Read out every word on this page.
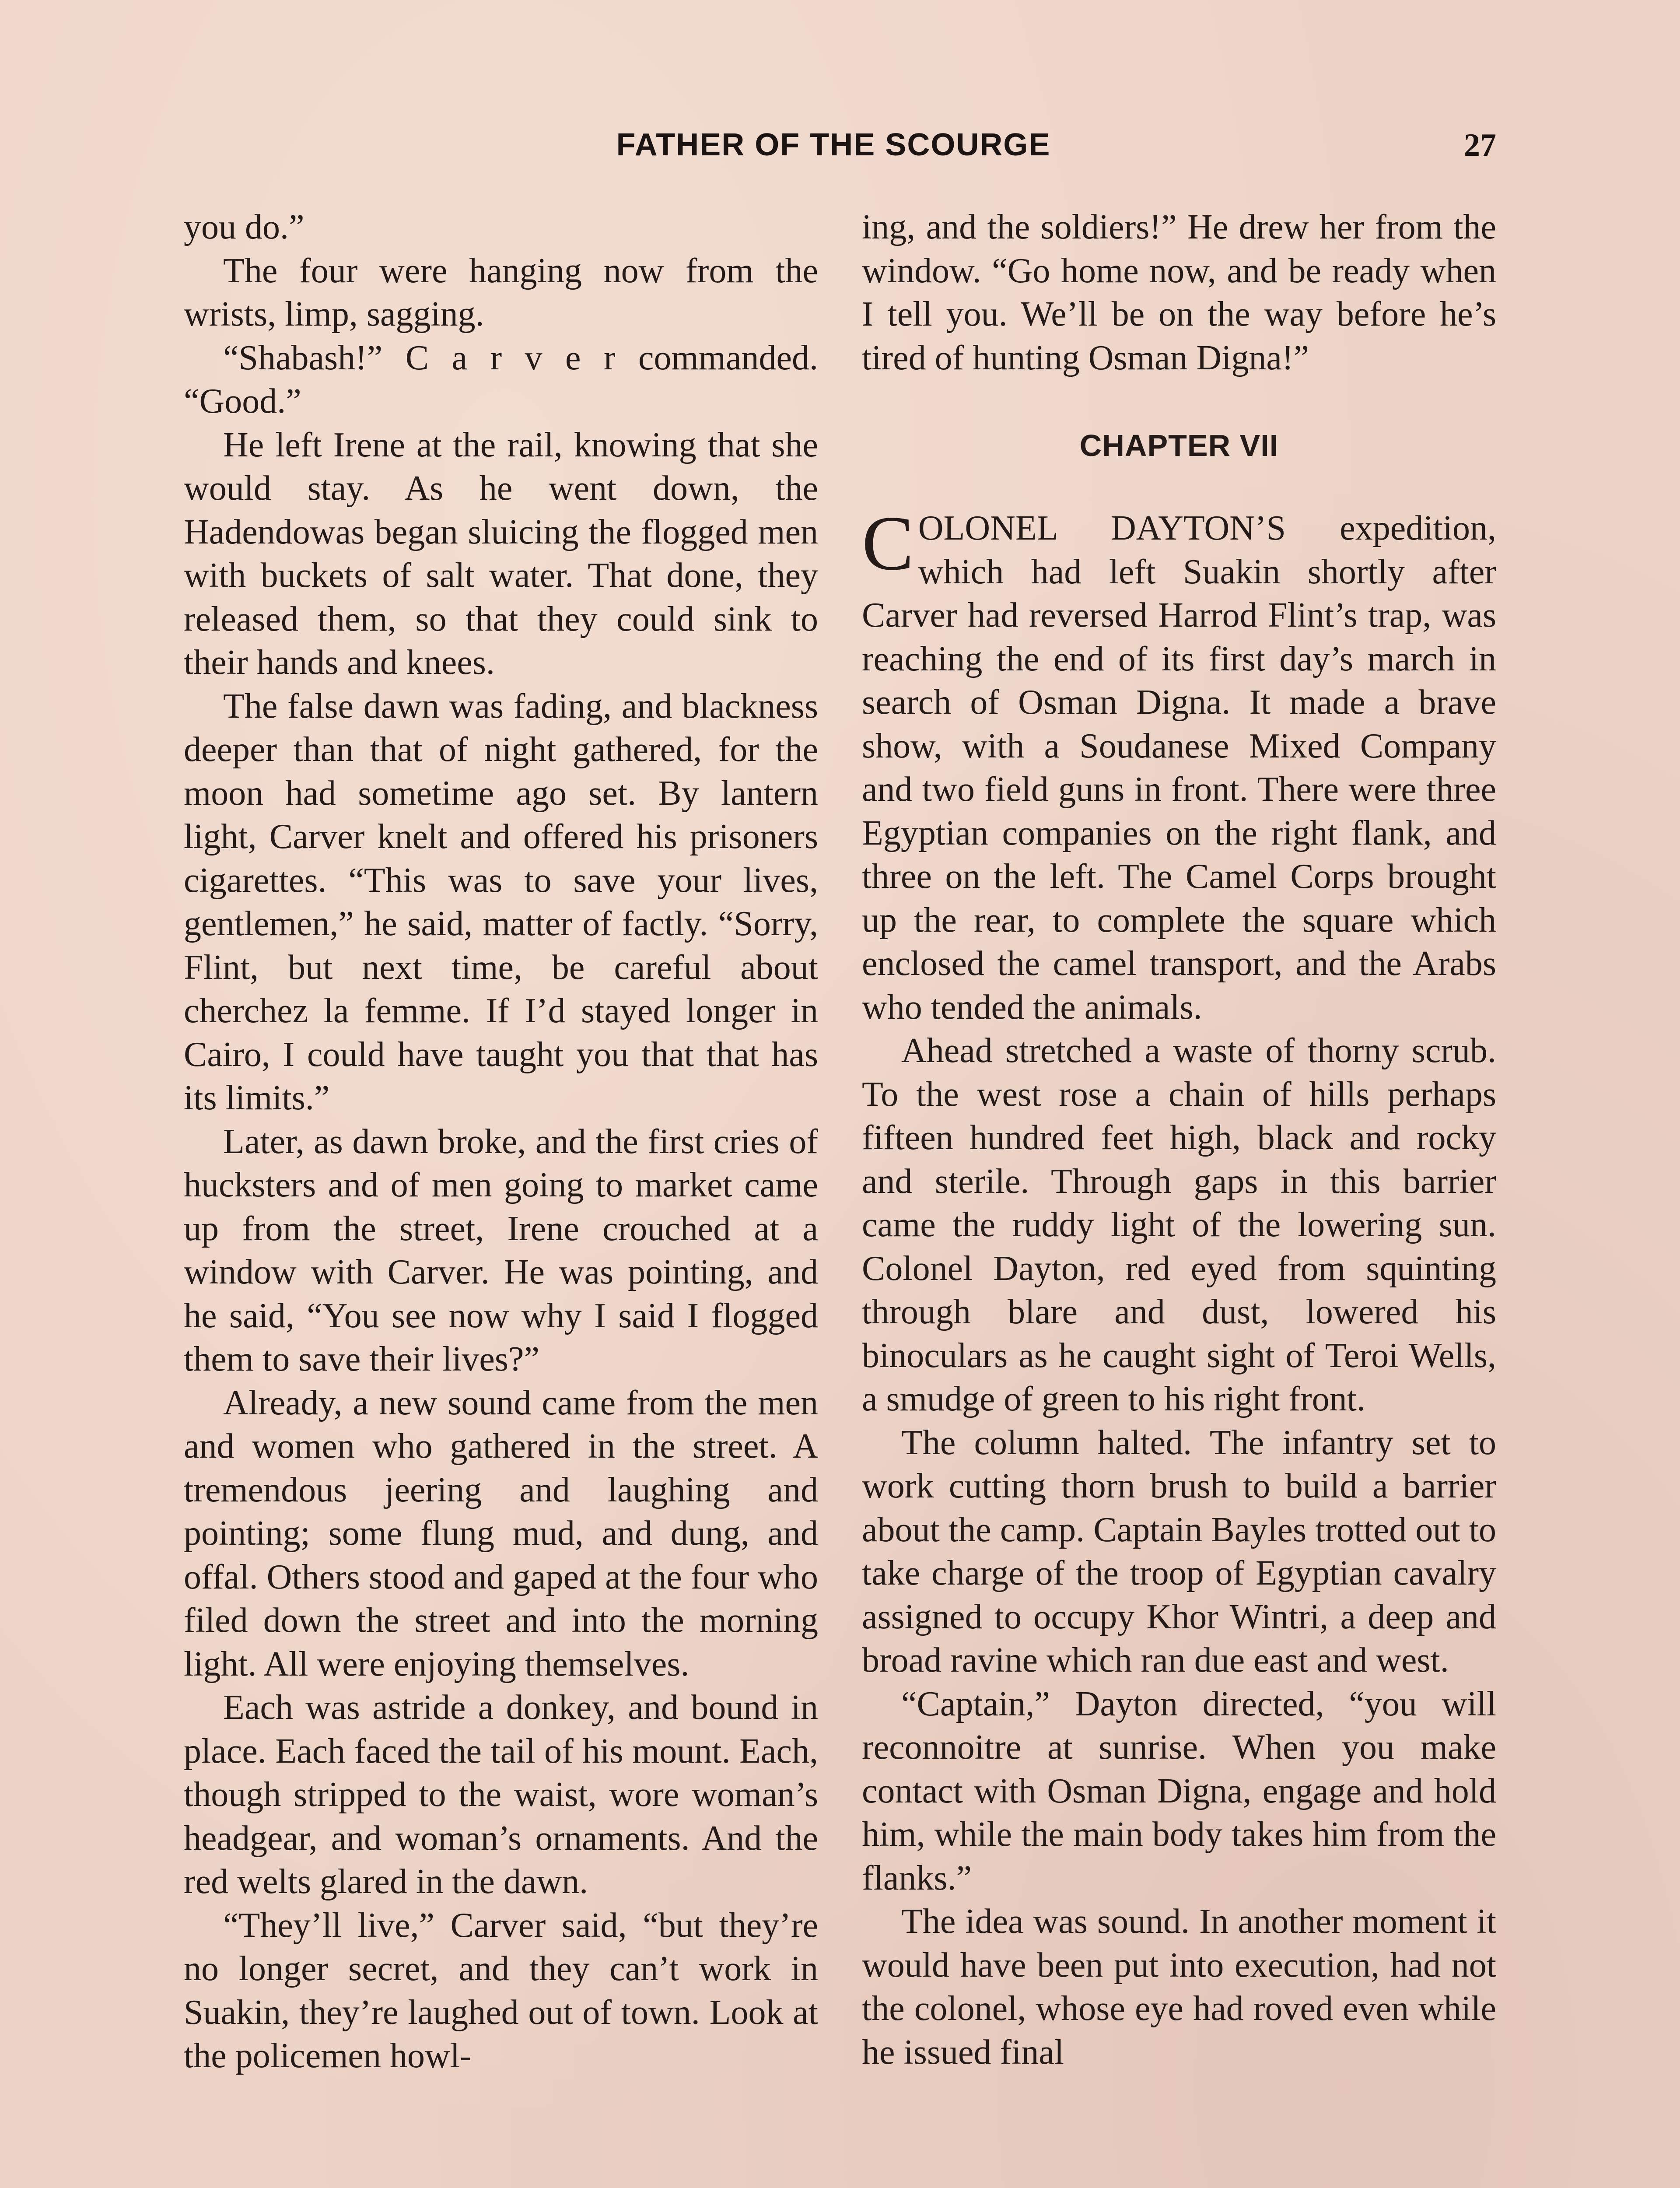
FATHER OF THE SCOURGE	27

you do.”

The four were hanging now from the wrists, limp, sagging.

“Shabash!” C a r v e r commanded. “Good.”

He left Irene at the rail, knowing that she would stay. As he went down, the Hadendowas began sluicing the flogged men with buckets of salt water. That done, they released them, so that they could sink to their hands and knees.

The false dawn was fading, and blackness deeper than that of night gathered, for the moon had sometime ago set. By lantern light, Carver knelt and offered his prisoners cigarettes. “This was to save your lives, gentlemen,” he said, matter of factly. “Sorry, Flint, but next time, be careful about cherchez la femme. If I’d stayed longer in Cairo, I could have taught you that that has its limits.”

Later, as dawn broke, and the first cries of hucksters and of men going to market came up from the street, Irene crouched at a window with Carver. He was pointing, and he said, “You see now why I said I flogged them to save their lives?”

Already, a new sound came from the men and women who gathered in the street. A tremendous jeering and laughing and pointing; some flung mud, and dung, and offal. Others stood and gaped at the four who filed down the street and into the morning light. All were enjoying themselves.

Each was astride a donkey, and bound in place. Each faced the tail of his mount. Each, though stripped to the waist, wore woman’s headgear, and woman’s ornaments. And the red welts glared in the dawn.

“They’ll live,” Carver said, “but they’re no longer secret, and they can’t work in Suakin, they’re laughed out of town. Look at the policemen howl-

ing, and the soldiers!” He drew her from the window. “Go home now, and be ready when I tell you. We’ll be on the way before he’s tired of hunting Osman Digna!”

CHAPTER VII

COLONEL DAYTON’S expedition, which had left Suakin shortly after Carver had reversed Harrod Flint’s trap, was reaching the end of its first day’s march in search of Osman Digna. It made a brave show, with a Soudanese Mixed Company and two field guns in front. There were three Egyptian companies on the right flank, and three on the left. The Camel Corps brought up the rear, to complete the square which enclosed the camel transport, and the Arabs who tended the animals.

Ahead stretched a waste of thorny scrub. To the west rose a chain of hills perhaps fifteen hundred feet high, black and rocky and sterile. Through gaps in this barrier came the ruddy light of the lowering sun. Colonel Dayton, red eyed from squinting through blare and dust, lowered his binoculars as he caught sight of Teroi Wells, a smudge of green to his right front.

The column halted. The infantry set to work cutting thorn brush to build a barrier about the camp. Captain Bayles trotted out to take charge of the troop of Egyptian cavalry assigned to occupy Khor Wintri, a deep and broad ravine which ran due east and west.

“Captain,” Dayton directed, “you will reconnoitre at sunrise. When you make contact with Osman Digna, engage and hold him, while the main body takes him from the flanks.”

The idea was sound. In another moment it would have been put into execution, had not the colonel, whose eye had roved even while he issued final
